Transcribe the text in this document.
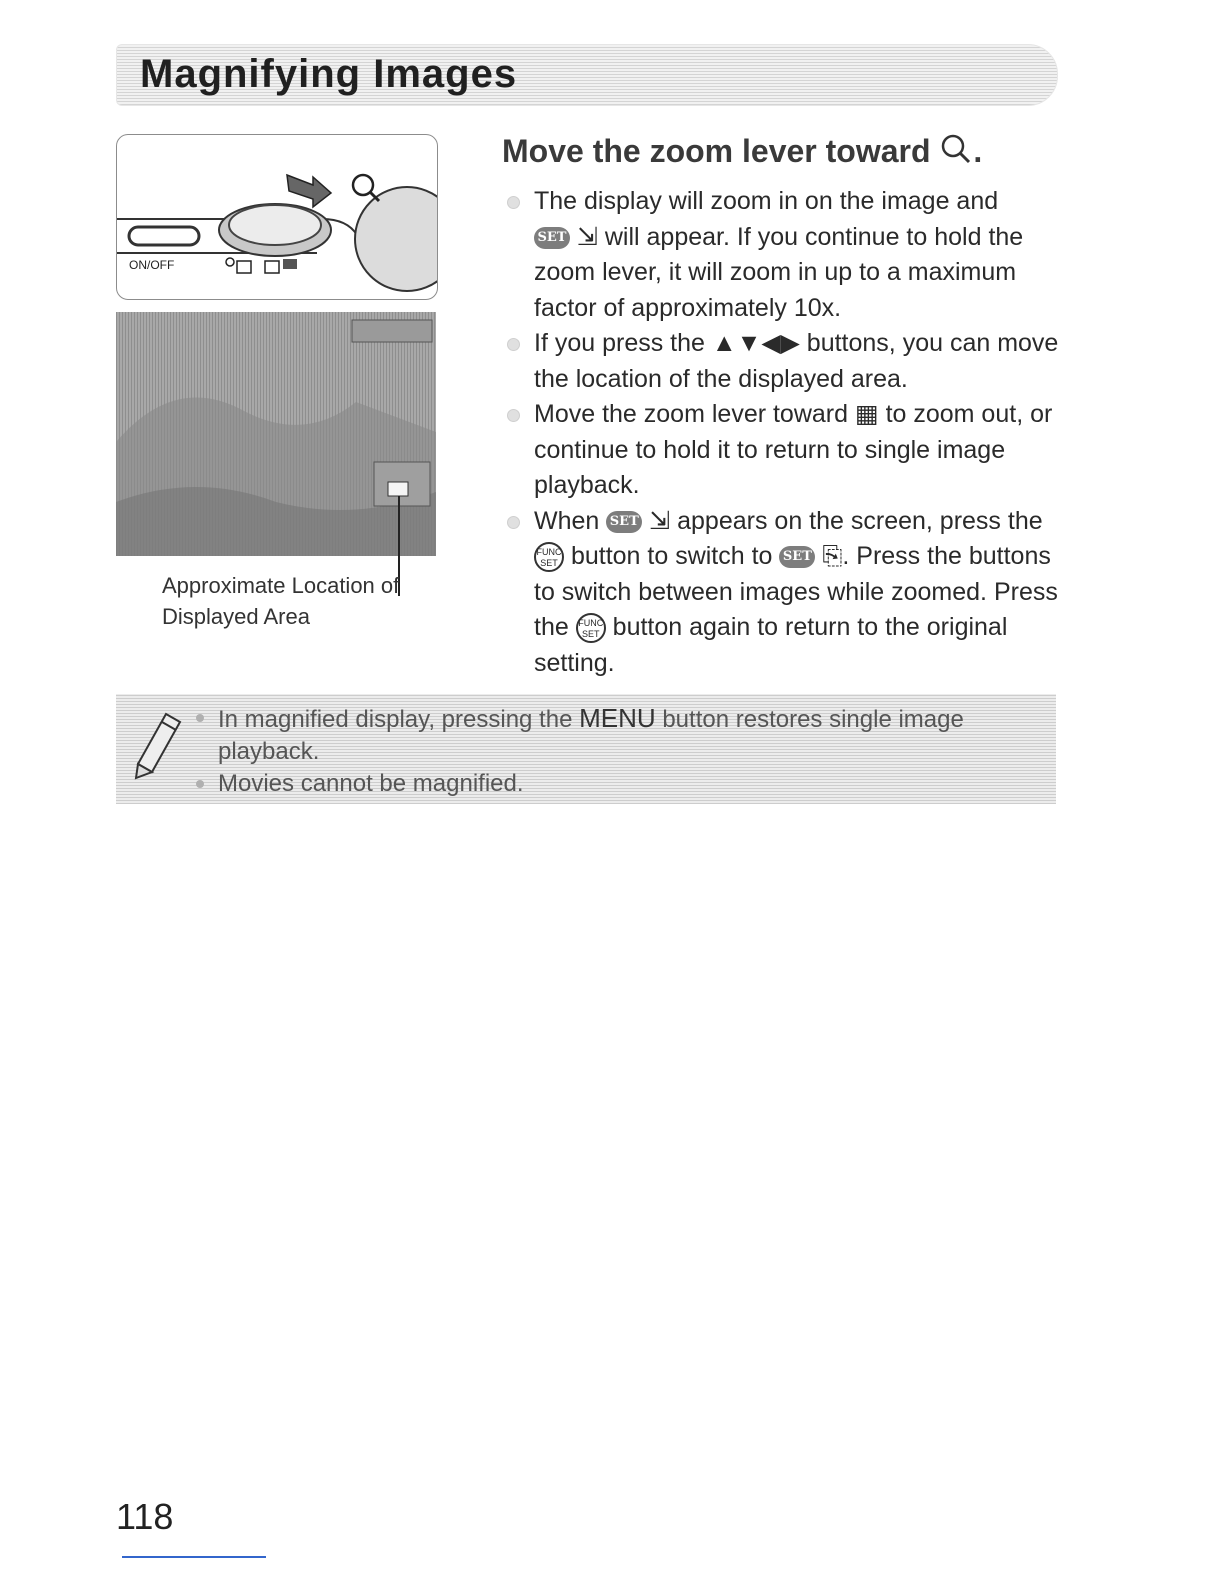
Magnifying Images
ON/OFF
Approximate Location of
Displayed Area
Move the zoom lever toward .
The display will zoom in on the image and
SET ⇲ will appear. If you continue to hold the zoom lever, it will zoom in up to a maximum factor of approximately 10x.
If you press the ▲▼◀▶ buttons, you can move the location of the displayed area.
Move the zoom lever toward ▦ to zoom out, or continue to hold it to return to single image playback.
When SET ⇲ appears on the screen, press the FUNC
SET button to switch to SET ⎘. Press the buttons to switch between images while zoomed. Press the FUNC
SET button again to return to the original setting.
In magnified display, pressing the MENU button restores single image playback.
Movies cannot be magnified.
118
